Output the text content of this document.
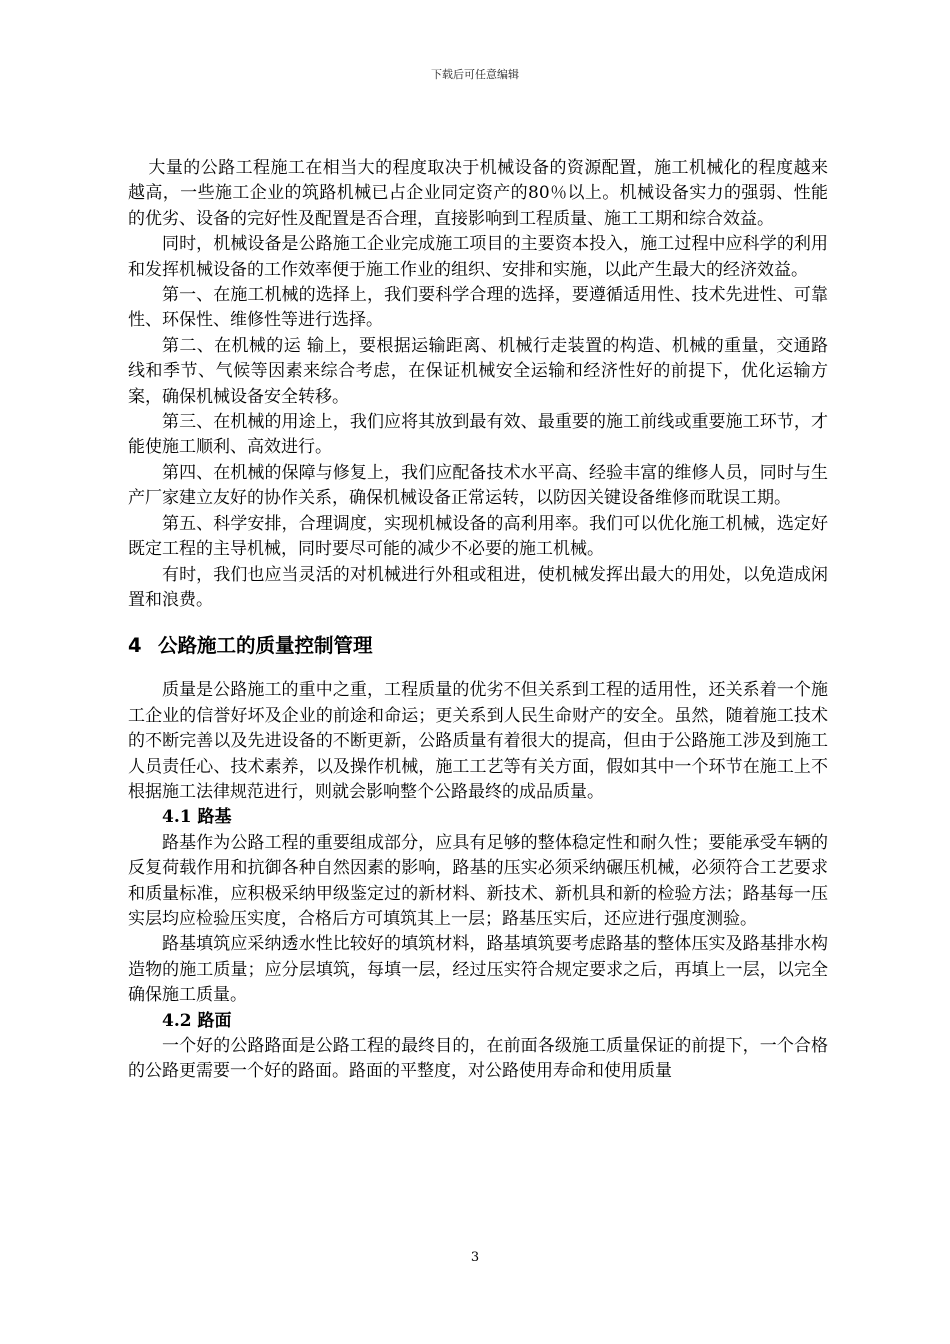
下载后可任意编辑

大量的公路工程施工在相当大的程度取决于机械设备的资源配置，施工机械化的程度越来越高，一些施工企业的筑路机械已占企业同定资产的80％以上。机械设备实力的强弱、性能的优劣、设备的完好性及配置是否合理，直接影响到工程质量、施工工期和综合效益。

同时，机械设备是公路施工企业完成施工项目的主要资本投入，施工过程中应科学的利用和发挥机械设备的工作效率便于施工作业的组织、安排和实施，以此产生最大的经济效益。

第一、在施工机械的选择上，我们要科学合理的选择，要遵循适用性、技术先进性、可靠性、环保性、维修性等进行选择。

第二、在机械的运 输上，要根据运输距离、机械行走装置的构造、机械的重量，交通路线和季节、气候等因素来综合考虑，在保证机械安全运输和经济性好的前提下，优化运输方案，确保机械设备安全转移。

第三、在机械的用途上，我们应将其放到最有效、最重要的施工前线或重要施工环节，才能使施工顺利、高效进行。

第四、在机械的保障与修复上，我们应配备技术水平高、经验丰富的维修人员，同时与生产厂家建立友好的协作关系，确保机械设备正常运转，以防因关键设备维修而耽误工期。

第五、科学安排，合理调度，实现机械设备的高利用率。我们可以优化施工机械，选定好既定工程的主导机械，同时要尽可能的减少不必要的施工机械。

有时，我们也应当灵活的对机械进行外租或租进，使机械发挥出最大的用处，以免造成闲置和浪费。

4 公路施工的质量控制管理

质量是公路施工的重中之重，工程质量的优劣不但关系到工程的适用性，还关系着一个施工企业的信誉好坏及企业的前途和命运；更关系到人民生命财产的安全。虽然，随着施工技术的不断完善以及先进设备的不断更新，公路质量有着很大的提高，但由于公路施工涉及到施工人员责任心、技术素养，以及操作机械，施工工艺等有关方面，假如其中一个环节在施工上不根据施工法律规范进行，则就会影响整个公路最终的成品质量。

4.1 路基

路基作为公路工程的重要组成部分，应具有足够的整体稳定性和耐久性；要能承受车辆的反复荷载作用和抗御各种自然因素的影响，路基的压实必须采纳碾压机械，必须符合工艺要求和质量标准，应积极采纳甲级鉴定过的新材料、新技术、新机具和新的检验方法；路基每一压实层均应检验压实度，合格后方可填筑其上一层；路基压实后，还应进行强度测验。

路基填筑应采纳透水性比较好的填筑材料，路基填筑要考虑路基的整体压实及路基排水构造物的施工质量；应分层填筑，每填一层，经过压实符合规定要求之后，再填上一层，以完全确保施工质量。

4.2 路面

一个好的公路路面是公路工程的最终目的，在前面各级施工质量保证的前提下，一个合格的公路更需要一个好的路面。路面的平整度，对公路使用寿命和使用质量

3
